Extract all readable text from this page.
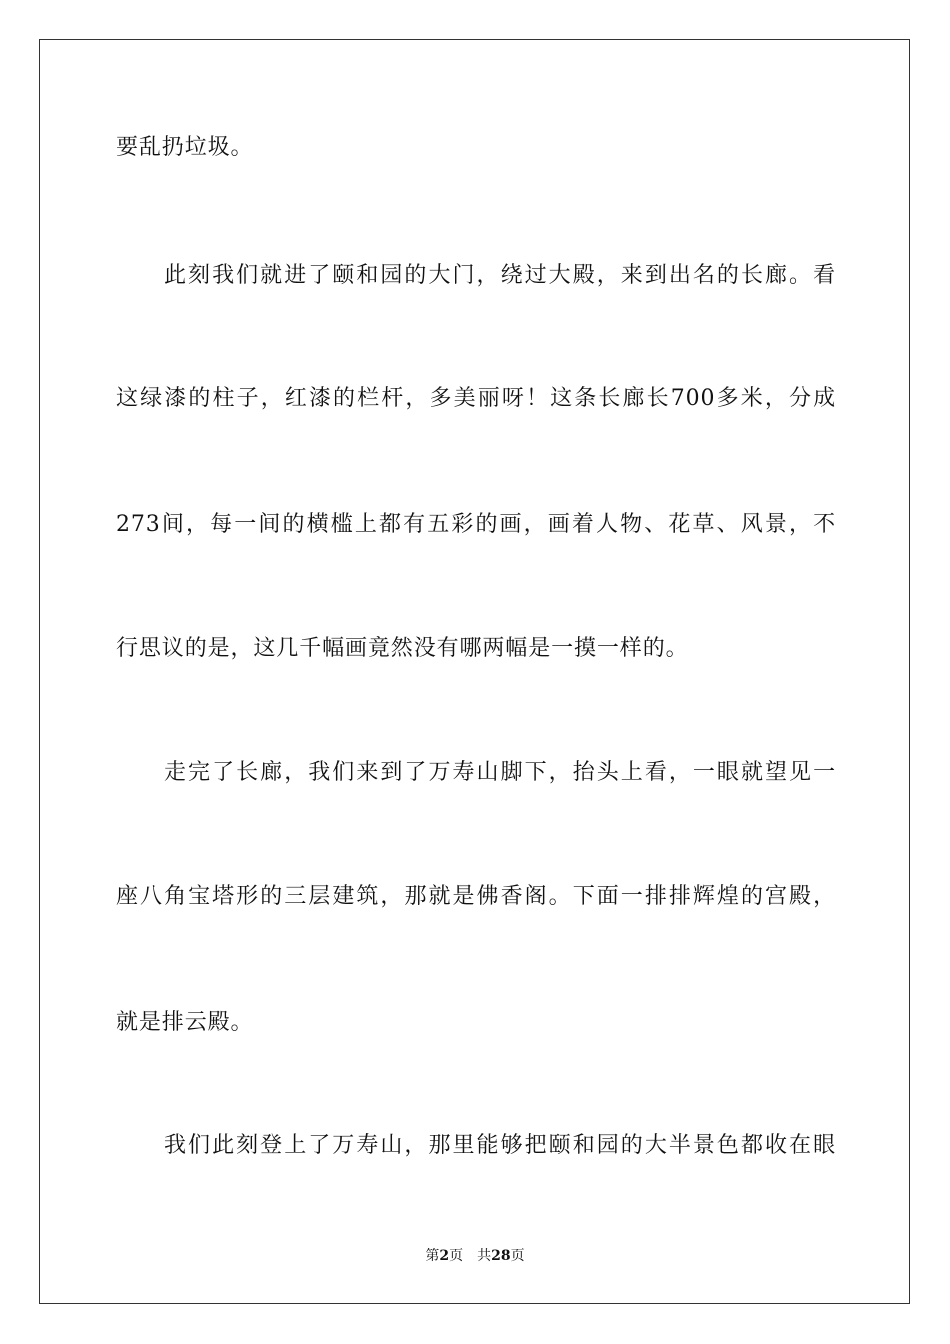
要乱扔垃圾。
此刻我们就进了颐和园的大门，绕过大殿，来到出名的长廊。看
这绿漆的柱子，红漆的栏杆，多美丽呀！这条长廊长700多米，分成
273间，每一间的横槛上都有五彩的画，画着人物、花草、风景，不
行思议的是，这几千幅画竟然没有哪两幅是一摸一样的。
走完了长廊，我们来到了万寿山脚下，抬头上看，一眼就望见一
座八角宝塔形的三层建筑，那就是佛香阁。下面一排排辉煌的宫殿，
就是排云殿。
我们此刻登上了万寿山，那里能够把颐和园的大半景色都收在眼
第2页 共28页
